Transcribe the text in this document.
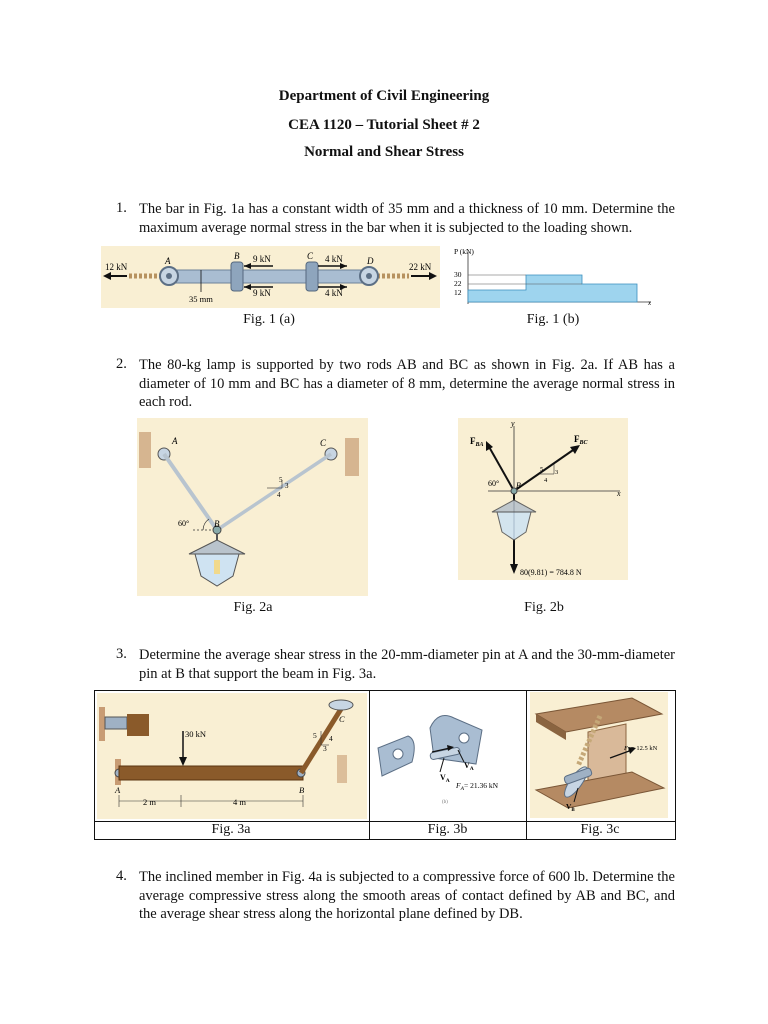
Department of Civil Engineering
CEA 1120 – Tutorial Sheet # 2
Normal and Shear Stress
1. The bar in Fig. 1a has a constant width of 35 mm and a thickness of 10 mm. Determine the maximum average normal stress in the bar when it is subjected to the loading shown.
12 kN	22 kN
9 kN
9 kN
4 kN
4 kN
A	B	C	D
35 mm
P (kN)
30
22
12
x
Fig. 1 (a)	Fig. 1 (b)
2. The 80-kg lamp is supported by two rods AB and BC as shown in Fig. 2a. If AB has a diameter of 10 mm and BC has a diameter of 8 mm, determine the average normal stress in each rod.
A	C
B
60°
5
3
4
$F_{BA}$
$F_{BC}$
y
x
B
60°
5 3
4
80(9.81) = 784.8 N
Fig. 2a	Fig. 2b
3. Determine the average shear stress in the 20-mm-diameter pin at A and the 30-mm-diameter pin at B that support the beam in Fig. 3a.
30 kN
A	B
C
5 4
3
2 m	4 m
$V_A$
$V_A$
$F_A= 21.36$ kN
(b)
$F_B= 12.5$ kN
$V_B$
Fig. 3a	Fig. 3b	Fig. 3c
4. The inclined member in Fig. 4a is subjected to a compressive force of 600 lb. Determine the average compressive stress along the smooth areas of contact defined by AB and BC, and the average shear stress along the horizontal plane defined by DB.
